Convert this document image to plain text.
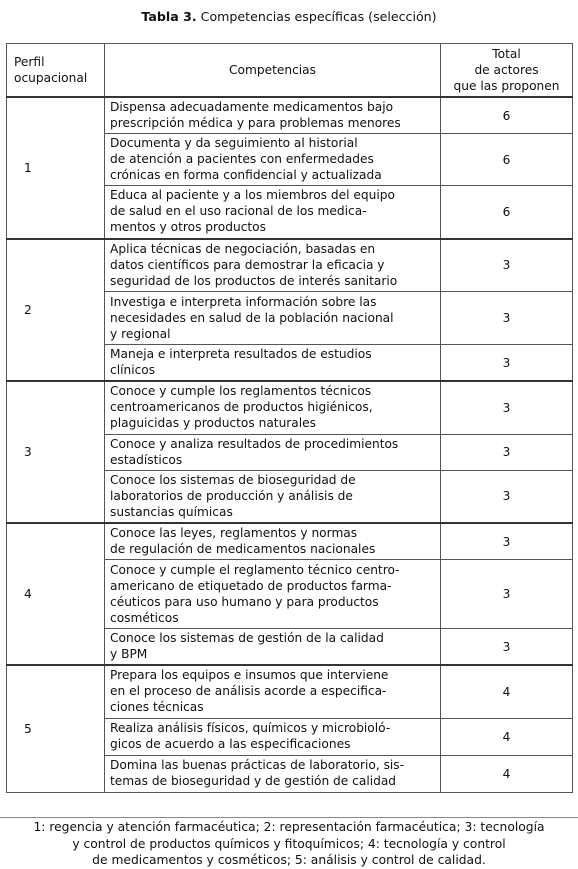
Tabla 3. Competencias específicas (selección)
Perfil
ocupacional	Competencias	Total
de actores
que las proponen
1	Dispensa adecuadamente medicamentos bajo
prescripción médica y para problemas menores	6
	Documenta y da seguimiento al historial
de atención a pacientes con enfermedades
crónicas en forma confidencial y actualizada	6
	Educa al paciente y a los miembros del equipo
de salud en el uso racional de los medica-
mentos y otros productos	6
2	Aplica técnicas de negociación, basadas en
datos científicos para demostrar la eficacia y
seguridad de los productos de interés sanitario	3
	Investiga e interpreta información sobre las
necesidades en salud de la población nacional
y regional	3
	Maneja e interpreta resultados de estudios
clínicos	3
3	Conoce y cumple los reglamentos técnicos
centroamericanos de productos higiénicos,
plaguicidas y productos naturales	3
	Conoce y analiza resultados de procedimientos
estadísticos	3
	Conoce los sistemas de bioseguridad de
laboratorios de producción y análisis de
sustancias químicas	3
4	Conoce las leyes, reglamentos y normas
de regulación de medicamentos nacionales	3
	Conoce y cumple el reglamento técnico centro-
americano de etiquetado de productos farma-
céuticos para uso humano y para productos
cosméticos	3
	Conoce los sistemas de gestión de la calidad
y BPM	3
5	Prepara los equipos e insumos que interviene
en el proceso de análisis acorde a especifica-
ciones técnicas	4
	Realiza análisis físicos, químicos y microbioló-
gicos de acuerdo a las especificaciones	4
	Domina las buenas prácticas de laboratorio, sis-
temas de bioseguridad y de gestión de calidad	4
1: regencia y atención farmacéutica; 2: representación farmacéutica; 3: tecnología
y control de productos químicos y fitoquímicos; 4: tecnología y control
de medicamentos y cosméticos; 5: análisis y control de calidad.
